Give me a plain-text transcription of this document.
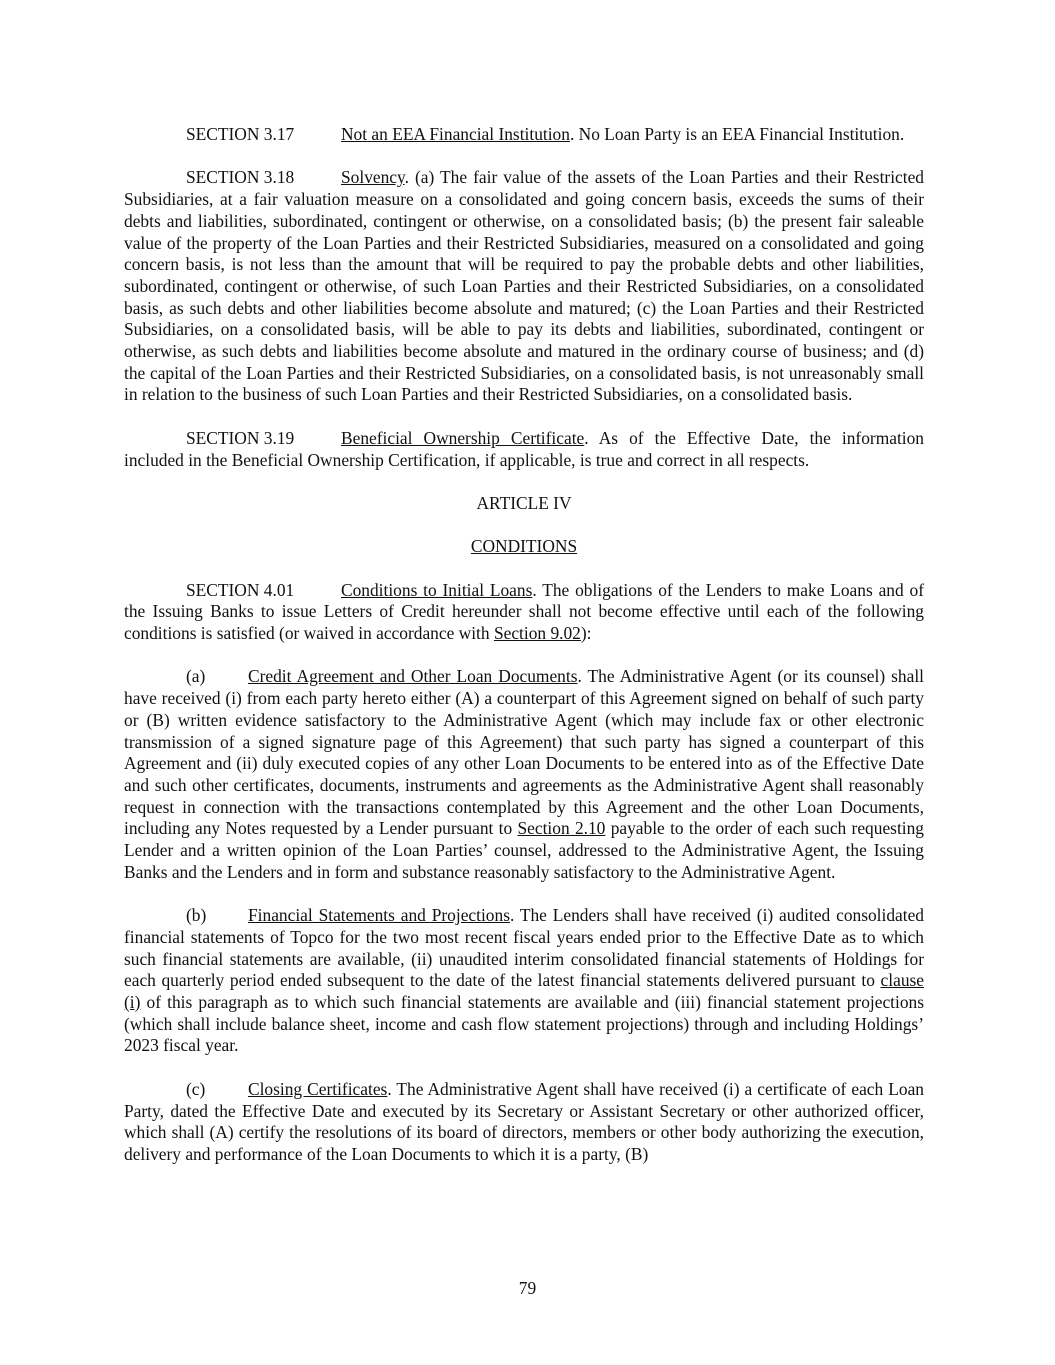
SECTION 3.17	Not an EEA Financial Institution. No Loan Party is an EEA Financial Institution.

SECTION 3.18	Solvency. (a) The fair value of the assets of the Loan Parties and their Restricted Subsidiaries, at a fair valuation measure on a consolidated and going concern basis, exceeds the sums of their debts and liabilities, subordinated, contingent or otherwise, on a consolidated basis; (b) the present fair saleable value of the property of the Loan Parties and their Restricted Subsidiaries, measured on a consolidated and going concern basis, is not less than the amount that will be required to pay the probable debts and other liabilities, subordinated, contingent or otherwise, of such Loan Parties and their Restricted Subsidiaries, on a consolidated basis, as such debts and other liabilities become absolute and matured; (c) the Loan Parties and their Restricted Subsidiaries, on a consolidated basis, will be able to pay its debts and liabilities, subordinated, contingent or otherwise, as such debts and liabilities become absolute and matured in the ordinary course of business; and (d) the capital of the Loan Parties and their Restricted Subsidiaries, on a consolidated basis, is not unreasonably small in relation to the business of such Loan Parties and their Restricted Subsidiaries, on a consolidated basis.

SECTION 3.19	Beneficial Ownership Certificate. As of the Effective Date, the information included in the Beneficial Ownership Certification, if applicable, is true and correct in all respects.

ARTICLE IV

CONDITIONS

SECTION 4.01	Conditions to Initial Loans. The obligations of the Lenders to make Loans and of the Issuing Banks to issue Letters of Credit hereunder shall not become effective until each of the following conditions is satisfied (or waived in accordance with Section 9.02):

(a) Credit Agreement and Other Loan Documents. The Administrative Agent (or its counsel) shall have received (i) from each party hereto either (A) a counterpart of this Agreement signed on behalf of such party or (B) written evidence satisfactory to the Administrative Agent (which may include fax or other electronic transmission of a signed signature page of this Agreement) that such party has signed a counterpart of this Agreement and (ii) duly executed copies of any other Loan Documents to be entered into as of the Effective Date and such other certificates, documents, instruments and agreements as the Administrative Agent shall reasonably request in connection with the transactions contemplated by this Agreement and the other Loan Documents, including any Notes requested by a Lender pursuant to Section 2.10 payable to the order of each such requesting Lender and a written opinion of the Loan Parties’ counsel, addressed to the Administrative Agent, the Issuing Banks and the Lenders and in form and substance reasonably satisfactory to the Administrative Agent.

(b) Financial Statements and Projections. The Lenders shall have received (i) audited consolidated financial statements of Topco for the two most recent fiscal years ended prior to the Effective Date as to which such financial statements are available, (ii) unaudited interim consolidated financial statements of Holdings for each quarterly period ended subsequent to the date of the latest financial statements delivered pursuant to clause (i) of this paragraph as to which such financial statements are available and (iii) financial statement projections (which shall include balance sheet, income and cash flow statement projections) through and including Holdings’ 2023 fiscal year.

(c) Closing Certificates. The Administrative Agent shall have received (i) a certificate of each Loan Party, dated the Effective Date and executed by its Secretary or Assistant Secretary or other authorized officer, which shall (A) certify the resolutions of its board of directors, members or other body authorizing the execution, delivery and performance of the Loan Documents to which it is a party, (B)

79
